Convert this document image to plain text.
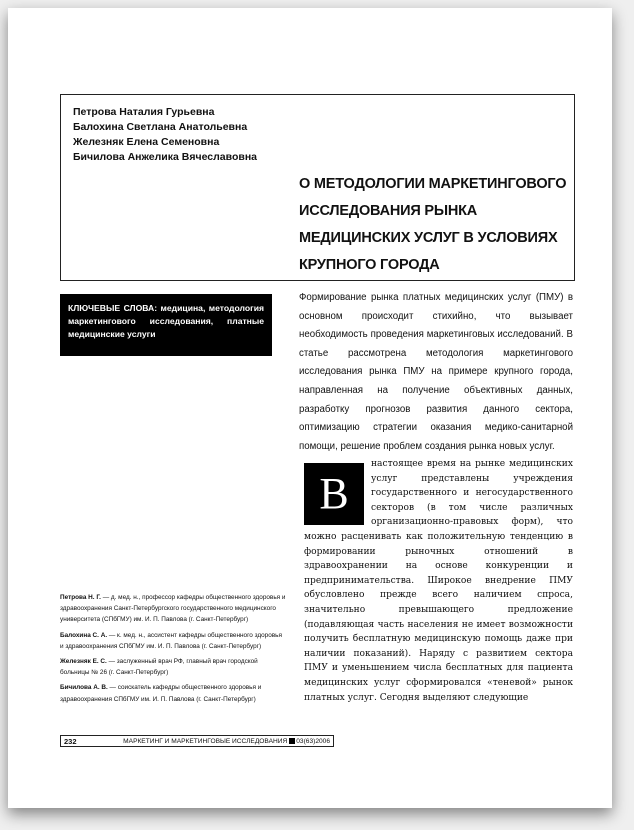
Петрова Наталия Гурьевна
Балохина Светлана Анатольевна
Железняк Елена Семеновна
Бичилова Анжелика Вячеславовна
О МЕТОДОЛОГИИ МАРКЕТИНГОВОГО
ИССЛЕДОВАНИЯ РЫНКА
МЕДИЦИНСКИХ УСЛУГ В УСЛОВИЯХ
КРУПНОГО ГОРОДА
КЛЮЧЕВЫЕ СЛОВА: медицина, методология маркетингового исследования, платные медицинские услуги
Формирование рынка платных медицинских услуг (ПМУ) в основном происходит стихийно, что вызывает необходимость проведения маркетинговых исследований. В статье рассмотрена методология маркетингового исследования рынка ПМУ на примере крупного города, направленная на получение объективных данных, разработку прогнозов развития данного сектора, оптимизацию стратегии оказания медико-санитарной помощи, решение проблем создания рынка новых услуг.
В
настоящее время на рынке медицинских услуг представлены учреждения государственного и негосударственного секторов (в том числе различных организационно-правовых форм), что можно расценивать как положительную тенденцию в формировании рыночных отношений в здравоохранении на основе конкуренции и предпринимательства. Широкое внедрение ПМУ обусловлено прежде всего наличием спроса, значительно превышающего предложение (подавляющая часть населения не имеет возможности получить бесплатную медицинскую помощь даже при наличии показаний). Наряду с развитием сектора ПМУ и уменьшением числа бесплатных для пациента медицинских услуг сформировался «теневой» рынок платных услуг. Сегодня выделяют следующие

Петрова Н. Г. — д. мед. н., профессор кафедры общественного здоровья и здравоохранения Санкт-Петербургского государственного медицинского университета (СПбГМУ) им. И. П. Павлова (г. Санкт-Петербург)

Балохина С. А. — к. мед. н., ассистент кафедры общественного здоровья и здравоохранения СПбГМУ им. И. П. Павлова (г. Санкт-Петербург)

Железняк Е. С. — заслуженный врач РФ, главный врач городской больницы № 26 (г. Санкт-Петербург)

Бичилова А. В. — соискатель кафедры общественного здоровья и здравоохранения СПбГМУ им. И. П. Павлова (г. Санкт-Петербург)

232	МАРКЕТИНГ И МАРКЕТИНГОВЫЕ ИССЛЕДОВАНИЯ 03(63)2006
